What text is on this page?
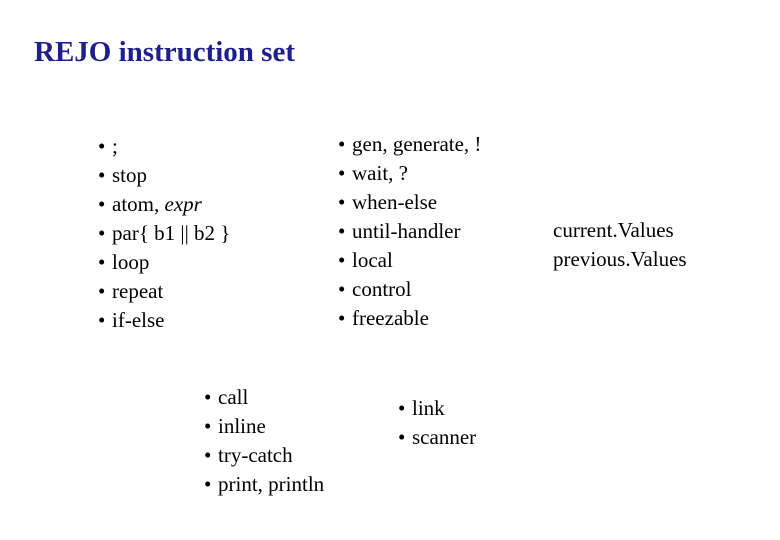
REJO instruction set
• ;
• stop
• atom, expr
• par{ b1 || b2 }
• loop
• repeat
• if-else
• gen, generate, !
• wait, ?
• when-else
• until-handler
• local
• control
• freezable
current.Values
previous.Values
• call
• inline
• try-catch
• print, println
• link
• scanner
